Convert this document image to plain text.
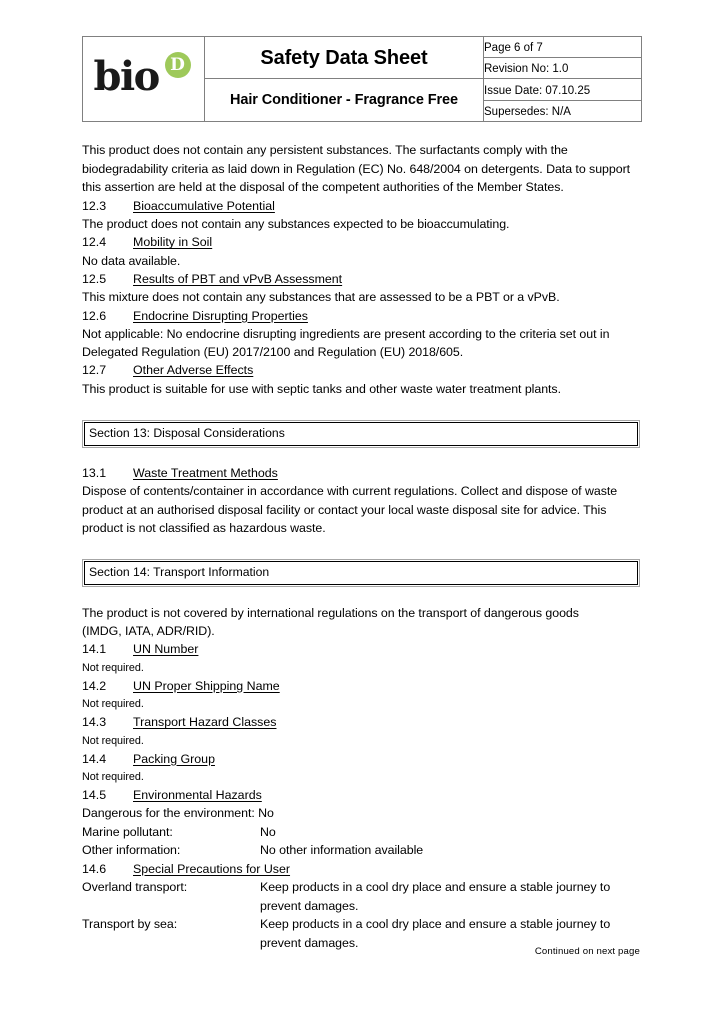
bio D	Safety Data Sheet	Page 6 of 7
		Revision No: 1.0
	Hair Conditioner - Fragrance Free	Issue Date: 07.10.25
		Supersedes: N/A

This product does not contain any persistent substances. The surfactants comply with the biodegradability criteria as laid down in Regulation (EC) No. 648/2004 on detergents. Data to support this assertion are held at the disposal of the competent authorities of the Member States.

12.3 Bioaccumulative Potential

The product does not contain any substances expected to be bioaccumulating.

12.4 Mobility in Soil

No data available.

12.5 Results of PBT and vPvB Assessment

This mixture does not contain any substances that are assessed to be a PBT or a vPvB.

12.6 Endocrine Disrupting Properties

Not applicable: No endocrine disrupting ingredients are present according to the criteria set out in Delegated Regulation (EU) 2017/2100 and Regulation (EU) 2018/605.

12.7 Other Adverse Effects

This product is suitable for use with septic tanks and other waste water treatment plants.

Section 13: Disposal Considerations

13.1 Waste Treatment Methods

Dispose of contents/container in accordance with current regulations. Collect and dispose of waste product at an authorised disposal facility or contact your local waste disposal site for advice. This product is not classified as hazardous waste.

Section 14: Transport Information

The product is not covered by international regulations on the transport of dangerous goods

(IMDG, IATA, ADR/RID).

14.1 UN Number

Not required.

14.2 UN Proper Shipping Name

Not required.

14.3 Transport Hazard Classes

Not required.

14.4 Packing Group

Not required.

14.5 Environmental Hazards

Dangerous for the environment: No

Marine pollutant:	No

Other information:	No other information available

14.6 Special Precautions for User

Overland transport:	Keep products in a cool dry place and ensure a stable journey to prevent damages.

Transport by sea:	Keep products in a cool dry place and ensure a stable journey to prevent damages.

Continued on next page
